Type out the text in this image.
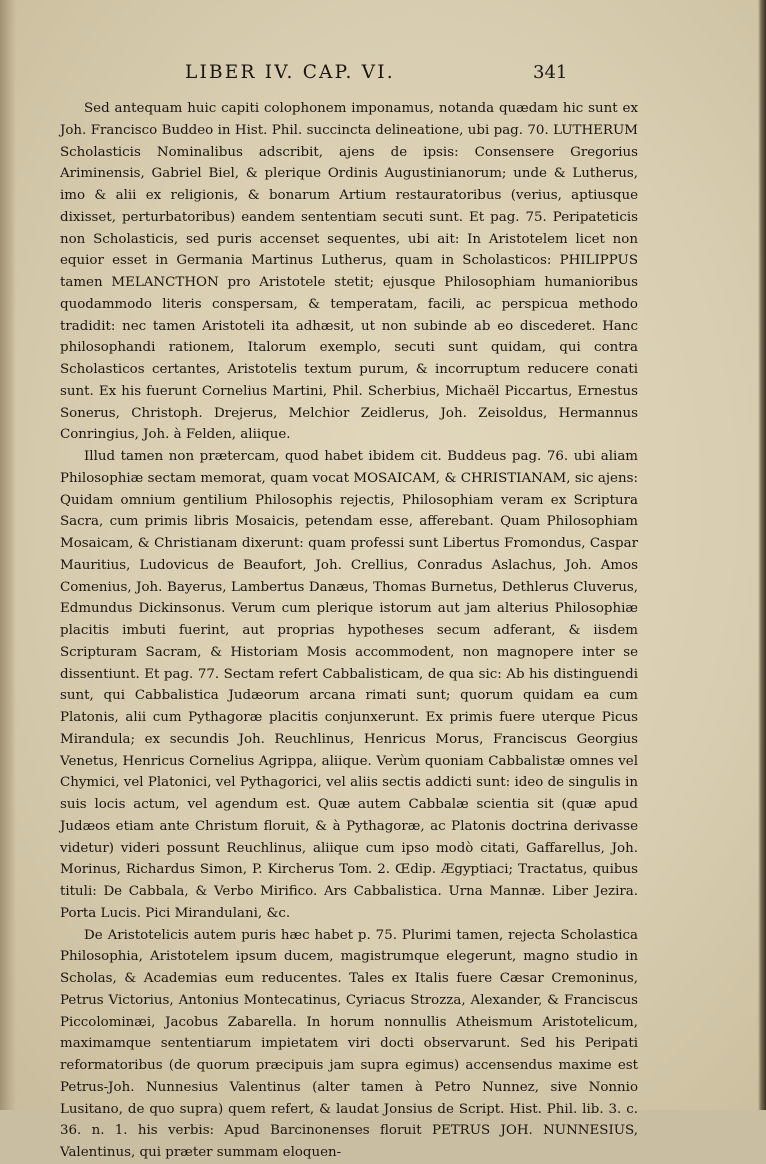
LIBER IV. CAP. VI.	341

Sed antequam huic capiti colophonem imponamus, notanda quædam hic sunt ex Joh. Francisco Buddeo in Hist. Phil. succincta delineatione, ubi pag. 70. LUTHERUM Scholasticis Nominalibus adscribit, ajens de ipsis: Consensere Gregorius Ariminensis, Gabriel Biel, & plerique Ordinis Augustinianorum; unde & Lutherus, imo & alii ex religionis, & bonarum Artium restauratoribus (verius, aptiusque dixisset, perturbatoribus) eandem sententiam secuti sunt. Et pag. 75. Peripateticis non Scholasticis, sed puris accenset sequentes, ubi ait: In Aristotelem licet non equior esset in Germania Martinus Lutherus, quam in Scholasticos: PHILIPPUS tamen MELANCTHON pro Aristotele stetit; ejusque Philosophiam humanioribus quodammodo literis conspersam, & temperatam, facili, ac perspicua methodo tradidit: nec tamen Aristoteli ita adhæsit, ut non subinde ab eo discederet. Hanc philosophandi rationem, Italorum exemplo, secuti sunt quidam, qui contra Scholasticos certantes, Aristotelis textum purum, & incorruptum reducere conati sunt. Ex his fuerunt Cornelius Martini, Phil. Scherbius, Michaël Piccartus, Ernestus Sonerus, Christoph. Drejerus, Melchior Zeidlerus, Joh. Zeisoldus, Hermannus Conringius, Joh. à Felden, aliique.

Illud tamen non prætercam, quod habet ibidem cit. Buddeus pag. 76. ubi aliam Philosophiæ sectam memorat, quam vocat MOSAICAM, & CHRISTIANAM, sic ajens: Quidam omnium gentilium Philosophis rejectis, Philosophiam veram ex Scriptura Sacra, cum primis libris Mosaicis, petendam esse, afferebant. Quam Philosophiam Mosaicam, & Christianam dixerunt: quam professi sunt Libertus Fromondus, Caspar Mauritius, Ludovicus de Beaufort, Joh. Crellius, Conradus Aslachus, Joh. Amos Comenius, Joh. Bayerus, Lambertus Danæus, Thomas Burnetus, Dethlerus Cluverus, Edmundus Dickinsonus. Verum cum plerique istorum aut jam alterius Philosophiæ placitis imbuti fuerint, aut proprias hypotheses secum adferant, & iisdem Scripturam Sacram, & Historiam Mosis accommodent, non magnopere inter se dissentiunt. Et pag. 77. Sectam refert Cabbalisticam, de qua sic: Ab his distinguendi sunt, qui Cabbalistica Judæorum arcana rimati sunt; quorum quidam ea cum Platonis, alii cum Pythagoræ placitis conjunxerunt. Ex primis fuere uterque Picus Mirandula; ex secundis Joh. Reuchlinus, Henricus Morus, Franciscus Georgius Venetus, Henricus Cornelius Agrippa, aliique. Verùm quoniam Cabbalistæ omnes vel Chymici, vel Platonici, vel Pythagorici, vel aliis sectis addicti sunt: ideo de singulis in suis locis actum, vel agendum est. Quæ autem Cabbalæ scientia sit (quæ apud Judæos etiam ante Christum floruit, & à Pythagoræ, ac Platonis doctrina derivasse videtur) videri possunt Reuchlinus, aliique cum ipso modò citati, Gaffarellus, Joh. Morinus, Richardus Simon, P. Kircherus Tom. 2. Œdip. Ægyptiaci; Tractatus, quibus tituli: De Cabbala, & Verbo Mirifico. Ars Cabbalistica. Urna Mannæ. Liber Jezira. Porta Lucis. Pici Mirandulani, &c.

De Aristotelicis autem puris hæc habet p. 75. Plurimi tamen, rejecta Scholastica Philosophia, Aristotelem ipsum ducem, magistrumque elegerunt, magno studio in Scholas, & Academias eum reducentes. Tales ex Italis fuere Cæsar Cremoninus, Petrus Victorius, Antonius Montecatinus, Cyriacus Strozza, Alexander, & Franciscus Piccolominæi, Jacobus Zabarella. In horum nonnullis Atheismum Aristotelicum, maximamque sententiarum impietatem viri docti observarunt. Sed his Peripati reformatoribus (de quorum præcipuis jam supra egimus) accensendus maxime est Petrus-Joh. Nunnesius Valentinus (alter tamen à Petro Nunnez, sive Nonnio Lusitano, de quo supra) quem refert, & laudat Jonsius de Script. Hist. Phil. lib. 3. c. 36. n. 1. his verbis: Apud Barcinonenses floruit PETRUS JOH. NUNNESIUS, Valentinus, qui præter summam eloquen-
